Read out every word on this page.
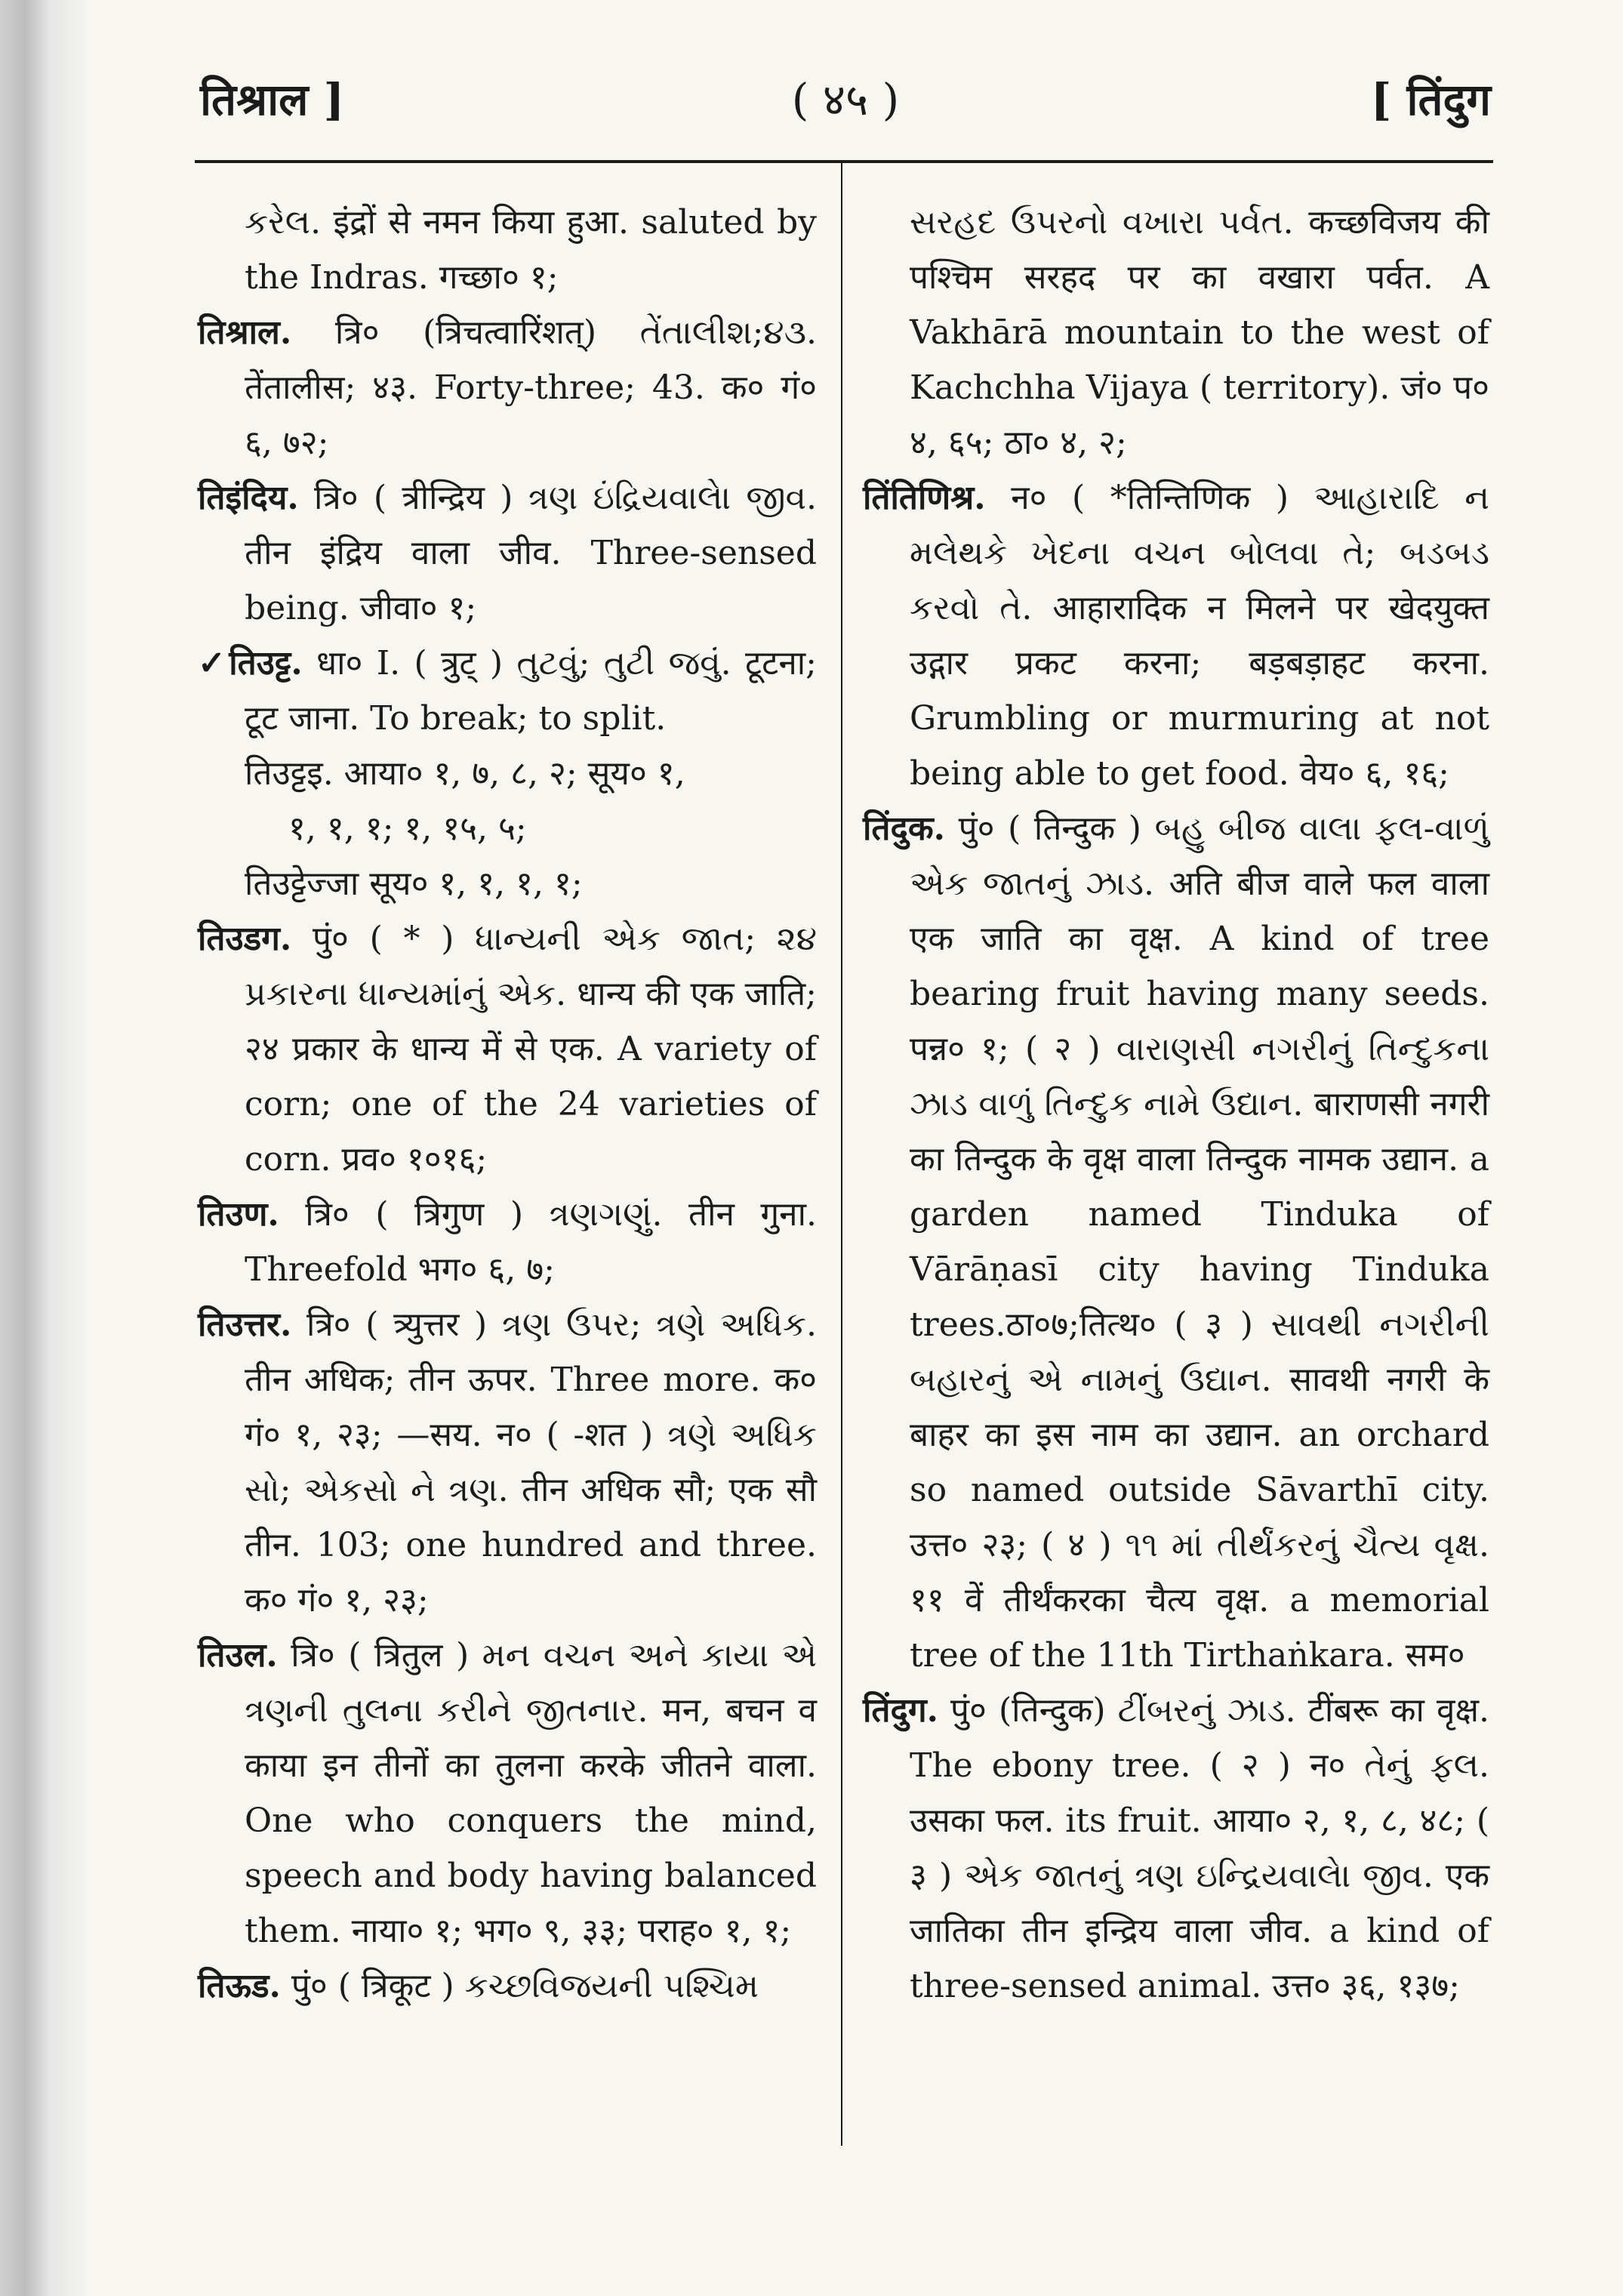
तिश्राल ]	( ४५ )	[ तिंदुग

કરેલ. इंद्रों से नमन किया हुआ. saluted by the Indras. गच्छा० १;

तिश्राल. त्रि० (त्रिचत्वारिंशत्) તેંતાલીશ;૪૩. तेंतालीस; ४३. Forty-three; 43. क० गं० ६, ७२;

तिइंदिय. त्रि० ( त्रीन्द्रिय ) ત્રણ ઇંદ્રિયવાલેા જીવ. तीन इंद्रिय वाला जीव. Three-sensed being. जीवा० १;

✓तिउट्ट. धा० I. ( त्रुट् ) તુટવું; તુટી જવું. टूटना; टूट जाना. To break; to split.

तिउट्टइ. आया० १, ७, ८, २; सूय० १,

१, १, १; १, १५, ५;

तिउट्टेज्जा सूय० १, १, १, १;

तिउडग. पुं० ( * ) ધાન્યની એક જાત; ૨૪ પ્રકારના ધાન્યમાંનું એક. धान्य की एक जाति; २४ प्रकार के धान्य में से एक. A variety of corn; one of the 24 varieties of corn. प्रव० १०१६;

तिउण. त्रि० ( त्रिगुण ) ત્રણગણું. तीन गुना. Threefold भग० ६, ७;

तिउत्तर. त्रि० ( त्र्युत्तर ) ત્રણ ઉપર; ત્રણે અધિક. तीन अधिक; तीन ऊपर. Three more. क० गं० १, २३; —सय. न० ( -शत ) ત્રણે અધિક સો; એકસો ને ત્રણ. तीन अधिक सौ; एक सौ तीन. 103; one hundred and three. क० गं० १, २३;

तिउल. त्रि० ( त्रितुल ) મન વચન અને કાયા એ ત્રણની તુલના કરીને જીતનાર. मन, बचन व काया इन तीनों का तुलना करके जीतने वाला. One who conquers the mind, speech and body having balanced them. नाया० १; भग० ९, ३३; पराह० १, १;

तिऊड. पुं० ( त्रिकूट ) કચ્છવિજયની પશ્ચિમ

સરહદ ઉપરનો વખારા પર્વત. कच्छविजय की पश्चिम सरहद पर का वखारा पर्वत. A Vakhārā mountain to the west of Kachchha Vijaya ( territory). जं० प० ४, ६५; ठा० ४, २;

तिंतिणिश्र. न० ( *तिन्तिणिक ) આહારાદિ ન મલેથકે ખેદના વચન બોલવા તે; બડબડ કરવો તે. आहारादिक न मिलने पर खेदयुक्त उद्गार प्रकट करना; बड़बड़ाहट करना. Grumbling or murmuring at not being able to get food. वेय० ६, १६;

तिंदुक. पुं० ( तिन्दुक ) બહુ બીજ વાલા ફલ-વાળું એક જાતનું ઝાડ. अति बीज वाले फल वाला एक जाति का वृक्ष. A kind of tree bearing fruit having many seeds. पन्न० १; ( २ ) વારાણસી નગરીનું તિન્દુકના ઝાડ વાળું તિન્દુક નામે ઉદ્યાન. बाराणसी नगरी का तिन्दुक के वृक्ष वाला तिन्दुक नामक उद्यान. a garden named Tinduka of Vārāṇasī city having Tinduka trees.ठा०७;तित्थ० ( ३ ) સાવથી નગરીની બહારનું એ નામનું ઉદ્યાન. सावथी नगरी के बाहर का इस नाम का उद्यान. an orchard so named outside Sāvarthī city. उत्त० २३; ( ४ ) ૧૧ માં તીર્થંકરનું ચૈત્ય વૃક્ષ. ११ वें तीर्थंकरका चैत्य वृक्ष. a memorial tree of the 11th Tirthaṅkara. सम०

तिंदुग. पुं० (तिन्दुक) ટીંબરનું ઝાડ. टींबरू का वृक्ष. The ebony tree. ( २ ) न० તેનું ફલ. उसका फल. its fruit. आया० २, १, ८, ४८; ( ३ ) એક જાતનું ત્રણ ઇન્દ્રિયવાલેા જીવ. एक जातिका तीन इन्द्रिय वाला जीव. a kind of three-sensed animal. उत्त० ३६, १३७;
